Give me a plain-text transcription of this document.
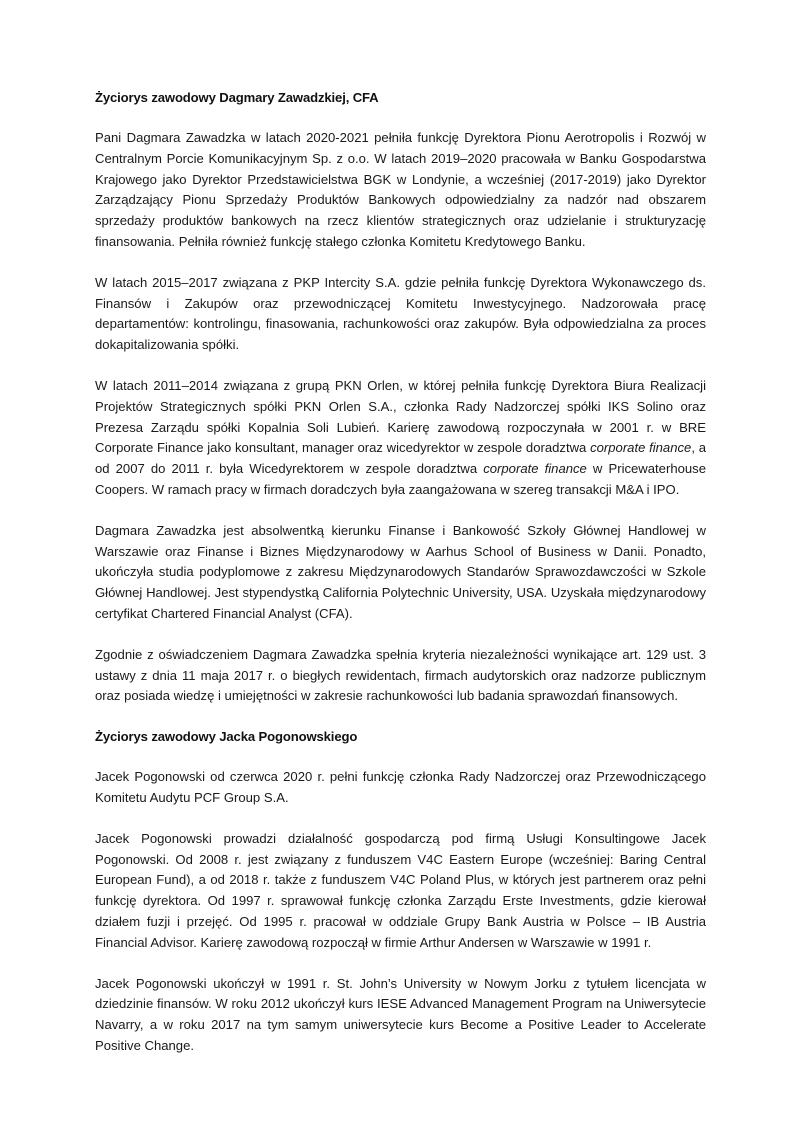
Życiorys zawodowy Dagmary Zawadzkiej, CFA

Pani Dagmara Zawadzka w latach 2020-2021 pełniła funkcję Dyrektora Pionu Aerotropolis i Rozwój w Centralnym Porcie Komunikacyjnym Sp. z o.o. W latach 2019–2020 pracowała w Banku Gospodarstwa Krajowego jako Dyrektor Przedstawicielstwa BGK w Londynie, a wcześniej (2017-2019) jako Dyrektor Zarządzający Pionu Sprzedaży Produktów Bankowych odpowiedzialny za nadzór nad obszarem sprzedaży produktów bankowych na rzecz klientów strategicznych oraz udzielanie i strukturyzację finansowania. Pełniła również funkcję stałego członka Komitetu Kredytowego Banku.

W latach 2015–2017 związana z PKP Intercity S.A. gdzie pełniła funkcję Dyrektora Wykonawczego ds. Finansów i Zakupów oraz przewodniczącej Komitetu Inwestycyjnego. Nadzorowała pracę departamentów: kontrolingu, finasowania, rachunkowości oraz zakupów. Była odpowiedzialna za proces dokapitalizowania spółki.

W latach 2011–2014 związana z grupą PKN Orlen, w której pełniła funkcję Dyrektora Biura Realizacji Projektów Strategicznych spółki PKN Orlen S.A., członka Rady Nadzorczej spółki IKS Solino oraz Prezesa Zarządu spółki Kopalnia Soli Lubień. Karierę zawodową rozpoczynała w 2001 r. w BRE Corporate Finance jako konsultant, manager oraz wicedyrektor w zespole doradztwa corporate finance, a od 2007 do 2011 r. była Wicedyrektorem w zespole doradztwa corporate finance w Pricewaterhouse Coopers. W ramach pracy w firmach doradczych była zaangażowana w szereg transakcji M&A i IPO.

Dagmara Zawadzka jest absolwentką kierunku Finanse i Bankowość Szkoły Głównej Handlowej w Warszawie oraz Finanse i Biznes Międzynarodowy w Aarhus School of Business w Danii. Ponadto, ukończyła studia podyplomowe z zakresu Międzynarodowych Standarów Sprawozdawczości w Szkole Głównej Handlowej. Jest stypendystką California Polytechnic University, USA. Uzyskała międzynarodowy certyfikat Chartered Financial Analyst (CFA).

Zgodnie z oświadczeniem Dagmara Zawadzka spełnia kryteria niezależności wynikające art. 129 ust. 3 ustawy z dnia 11 maja 2017 r. o biegłych rewidentach, firmach audytorskich oraz nadzorze publicznym oraz posiada wiedzę i umiejętności w zakresie rachunkowości lub badania sprawozdań finansowych.

Życiorys zawodowy Jacka Pogonowskiego

Jacek Pogonowski od czerwca 2020 r. pełni funkcję członka Rady Nadzorczej oraz Przewodniczącego Komitetu Audytu PCF Group S.A.

Jacek Pogonowski prowadzi działalność gospodarczą pod firmą Usługi Konsultingowe Jacek Pogonowski. Od 2008 r. jest związany z funduszem V4C Eastern Europe (wcześniej: Baring Central European Fund), a od 2018 r. także z funduszem V4C Poland Plus, w których jest partnerem oraz pełni funkcję dyrektora. Od 1997 r. sprawował funkcję członka Zarządu Erste Investments, gdzie kierował działem fuzji i przejęć. Od 1995 r. pracował w oddziale Grupy Bank Austria w Polsce – IB Austria Financial Advisor. Karierę zawodową rozpoczął w firmie Arthur Andersen w Warszawie w 1991 r.

Jacek Pogonowski ukończył w 1991 r. St. John’s University w Nowym Jorku z tytułem licencjata w dziedzinie finansów. W roku 2012 ukończył kurs IESE Advanced Management Program na Uniwersytecie Navarry, a w roku 2017 na tym samym uniwersytecie kurs Become a Positive Leader to Accelerate Positive Change.
